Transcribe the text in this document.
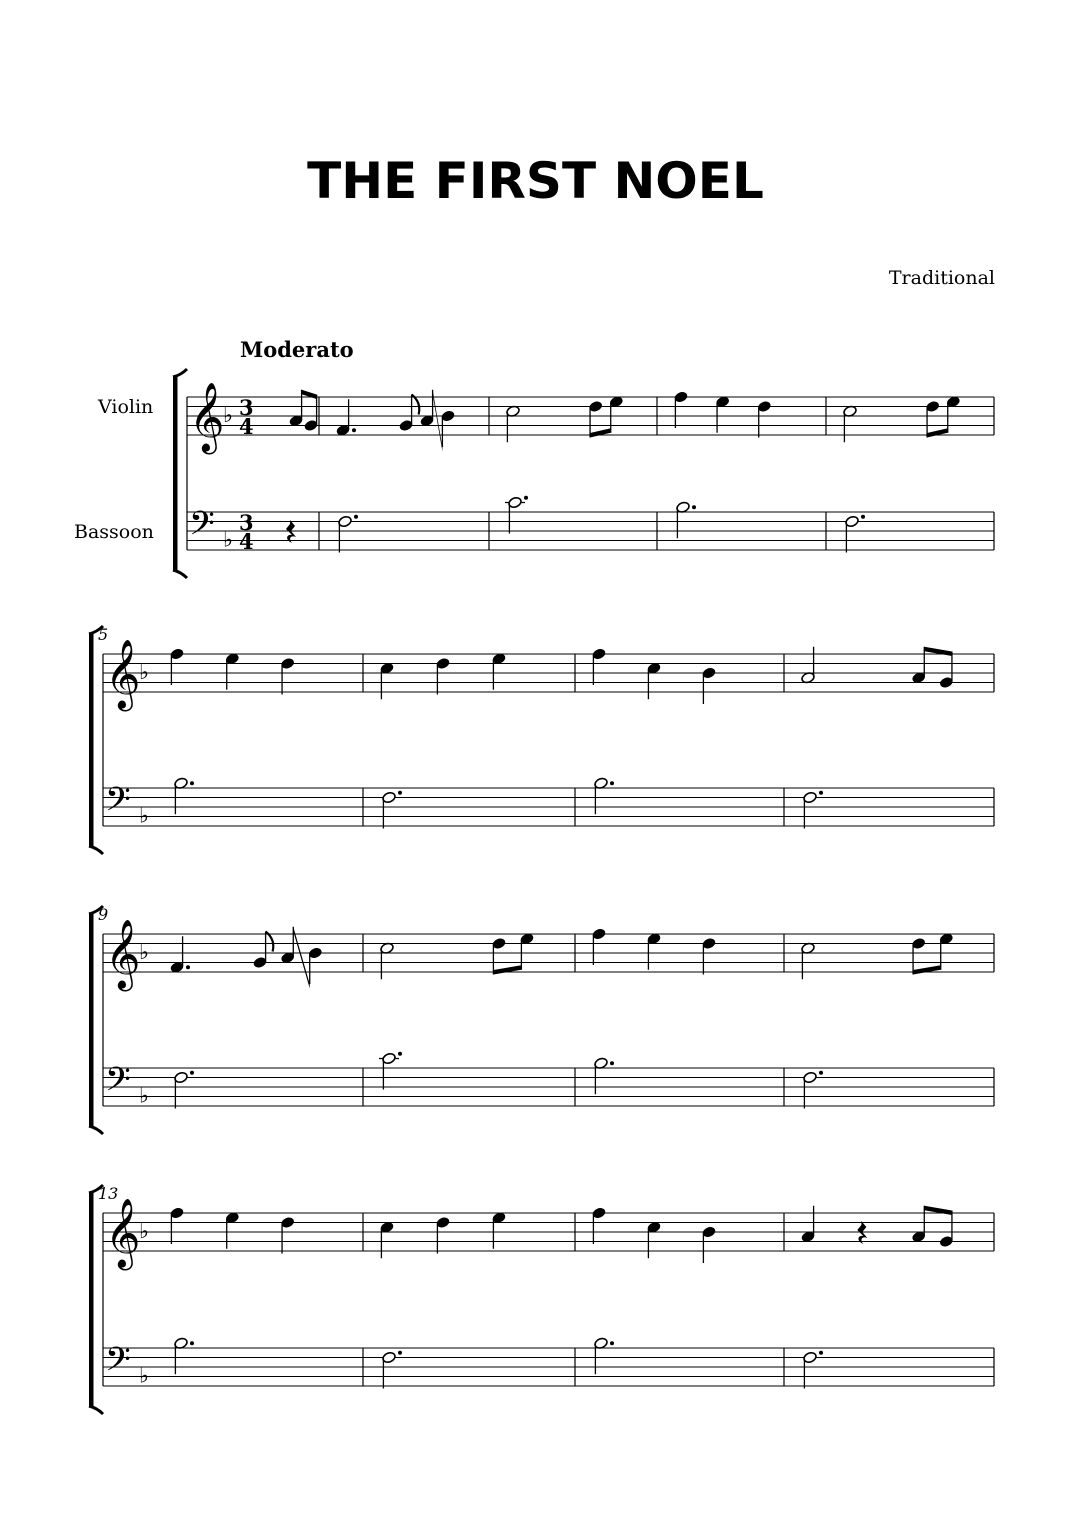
THE FIRST NOEL
Traditional
𝄞
𝄢
♭
♭
3
4
3
4
Moderato
Violin
Bassoon
𝄞
𝄢
♭
♭
5
𝄞
𝄢
♭
♭
9
𝄞
𝄢
♭
♭
13
